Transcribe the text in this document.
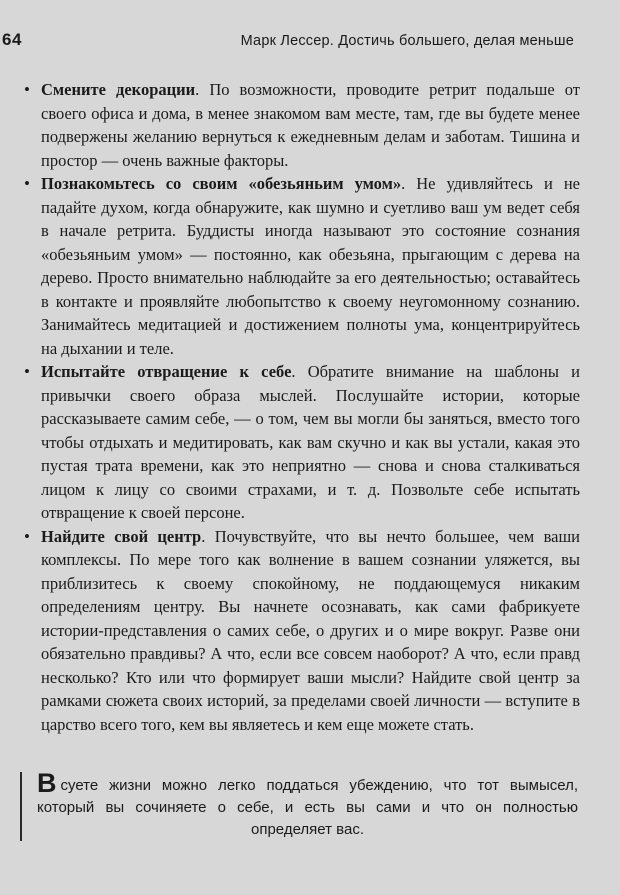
64	Марк Лессер. Достичь большего, делая меньше
• Смените декорации. По возможности, проводите ретрит подальше от своего офиса и дома, в менее знакомом вам месте, там, где вы будете менее подвержены желанию вернуться к ежедневным делам и заботам. Тишина и простор — очень важные факторы.
• Познакомьтесь со своим «обезьяньим умом». Не удивляйтесь и не падайте духом, когда обнаружите, как шумно и суетливо ваш ум ведет себя в начале ретрита. Буддисты иногда называют это состояние сознания «обезьяньим умом» — постоянно, как обезьяна, прыгающим с дерева на дерево. Просто внимательно наблюдайте за его деятельностью; оставайтесь в контакте и проявляйте любопытство к своему неугомонному сознанию. Занимайтесь медитацией и достижением полноты ума, концентрируйтесь на дыхании и теле.
• Испытайте отвращение к себе. Обратите внимание на шаблоны и привычки своего образа мыслей. Послушайте истории, которые рассказываете самим себе, — о том, чем вы могли бы заняться, вместо того чтобы отдыхать и медитировать, как вам скучно и как вы устали, какая это пустая трата времени, как это неприятно — снова и снова сталкиваться лицом к лицу со своими страхами, и т. д. Позвольте себе испытать отвращение к своей персоне.
• Найдите свой центр. Почувствуйте, что вы нечто большее, чем ваши комплексы. По мере того как волнение в вашем сознании уляжется, вы приблизитесь к своему спокойному, не поддающемуся никаким определениям центру. Вы начнете осознавать, как сами фабрикуете истории-представления о самих себе, о других и о мире вокруг. Разве они обязательно правдивы? А что, если все совсем наоборот? А что, если правд несколько? Кто или что формирует ваши мысли? Найдите свой центр за рамками сюжета своих историй, за пределами своей личности — вступите в царство всего того, кем вы являетесь и кем еще можете стать.
Всуете жизни можно легко поддаться убеждению, что тот вымысел, который вы сочиняете о себе, и есть вы сами и что он полностью определяет вас.
